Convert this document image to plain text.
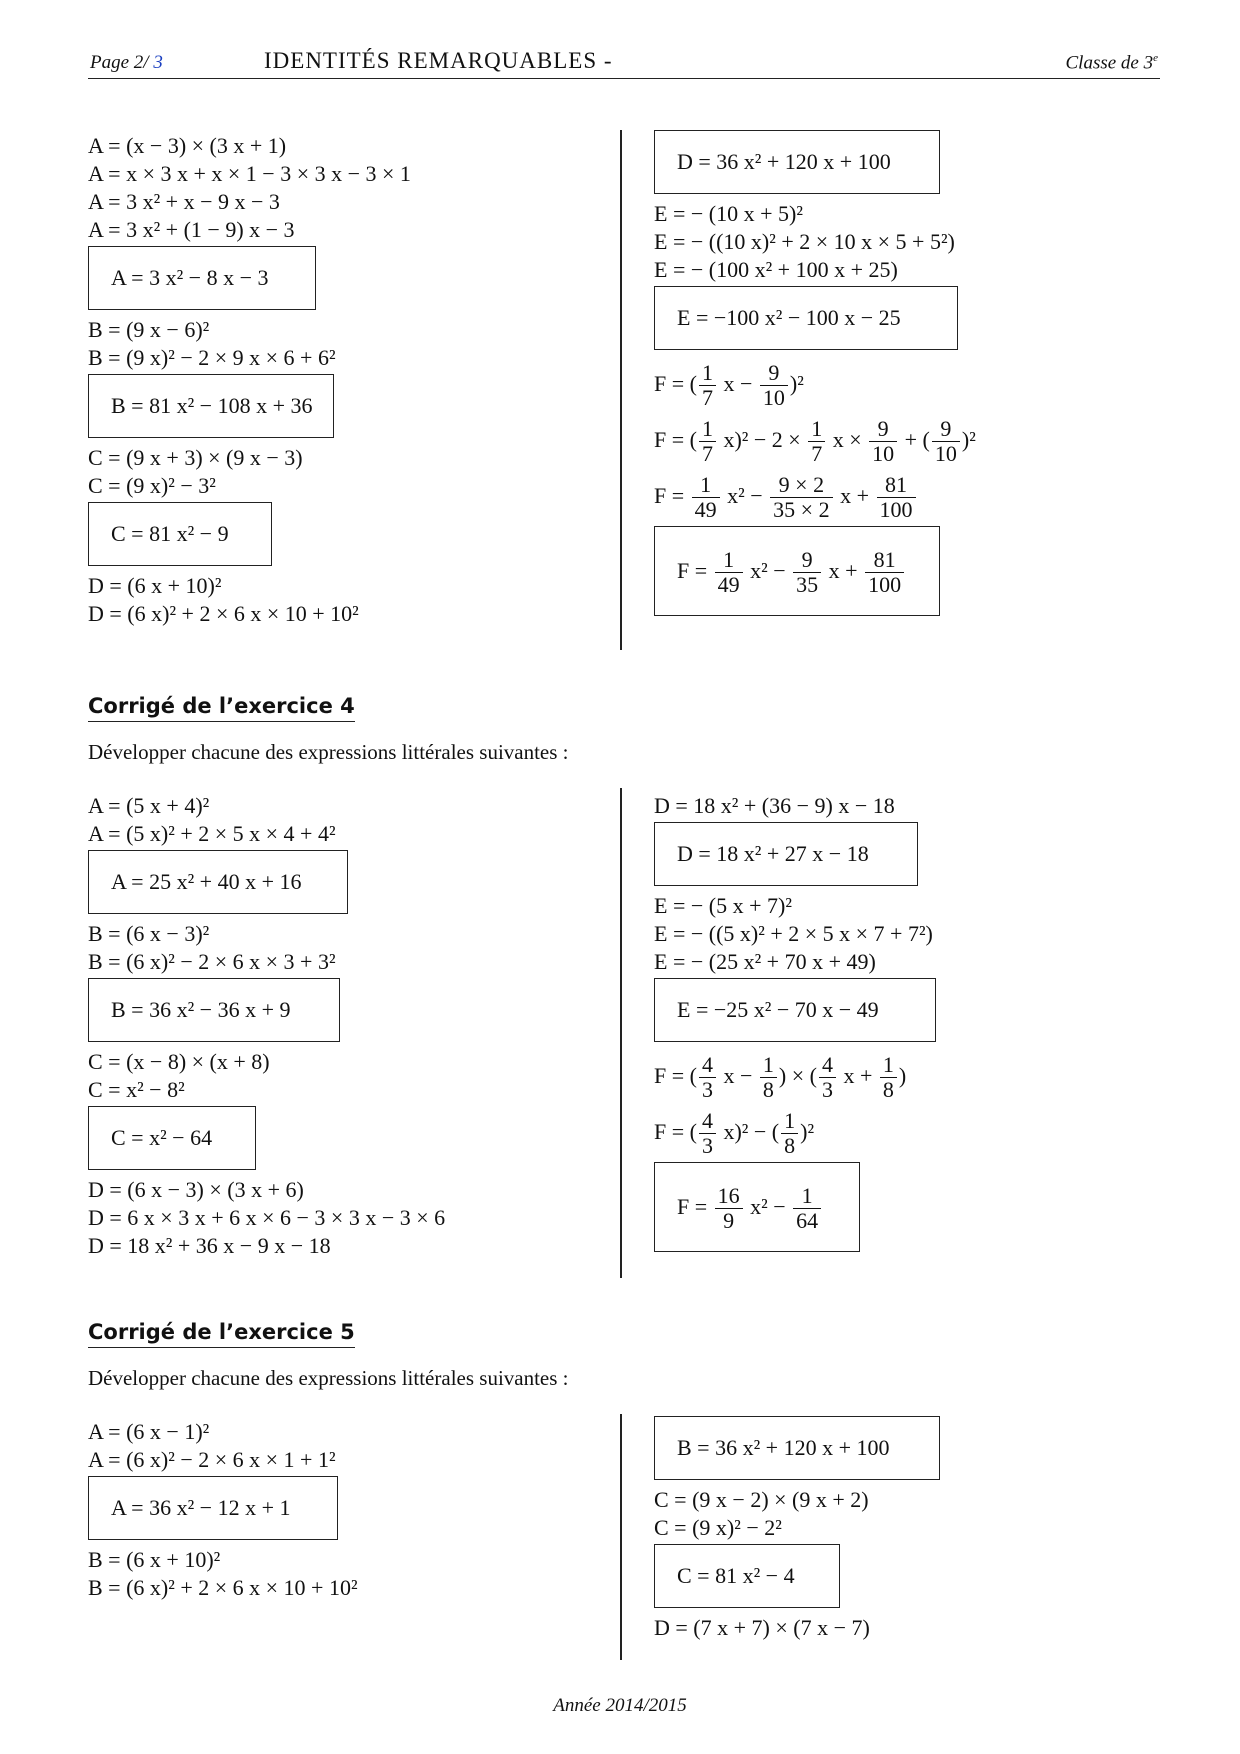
Page 2/ 3	IDENTITÉS REMARQUABLES -	Classe de 3e
A = (x − 3) × (3 x + 1)
A = x × 3 x + x × 1 − 3 × 3 x − 3 × 1
A = 3 x² + x − 9 x − 3
A = 3 x² + (1 − 9) x − 3
A = 3 x² − 8 x − 3
B = (9 x − 6)²
B = (9 x)² − 2 × 9 x × 6 + 6²
B = 81 x² − 108 x + 36
C = (9 x + 3) × (9 x − 3)
C = (9 x)² − 3²
C = 81 x² − 9
D = (6 x + 10)²
D = (6 x)² + 2 × 6 x × 10 + 10²
D = 36 x² + 120 x + 100
E = − (10 x + 5)²
E = − ((10 x)² + 2 × 10 x × 5 + 5²)
E = − (100 x² + 100 x + 25)
E = −100 x² − 100 x − 25
F = ( $\frac{1}{7}$ $x - \frac{9}{10} )^2$
F = ( $\frac{1}{7} x)^2 - 2 \times \frac{1}{7}$ $x \times \frac{9}{10}$ + ( $\frac{9}{10} )^2$
$F = \frac{1}{49} x^2 - \frac{9 \times 2}{35 \times 2}$ $x + \frac{81}{100}$
$F = \frac{1}{49} x^2 - \frac{9}{35}$ $x + \frac{81}{100}$
Corrigé de l’exercice 4
Développer chacune des expressions littérales suivantes :
A = (5 x + 4)²
A = (5 x)² + 2 × 5 x × 4 + 4²
A = 25 x² + 40 x + 16
B = (6 x − 3)²
B = (6 x)² − 2 × 6 x × 3 + 3²
B = 36 x² − 36 x + 9
C = (x − 8) × (x + 8)
C = x² − 8²
C = x² − 64
D = (6 x − 3) × (3 x + 6)
D = 6 x × 3 x + 6 x × 6 − 3 × 3 x − 3 × 6
D = 18 x² + 36 x − 9 x − 18
D = 18 x² + (36 − 9) x − 18
D = 18 x² + 27 x − 18
E = − (5 x + 7)²
E = − ((5 x)² + 2 × 5 x × 7 + 7²)
E = − (25 x² + 70 x + 49)
E = −25 x² − 70 x − 49
F = ( $\frac{4}{3}$ $x - \frac{1}{8}$ ) × ( $\frac{4}{3}$ $x + \frac{1}{8}$ )
F = ( $\frac{4}{3} x)^2$ − ( $\frac{1}{8} )^2$
$F = \frac{16}{9} x^2 - \frac{1}{64}$
Corrigé de l’exercice 5
Développer chacune des expressions littérales suivantes :
A = (6 x − 1)²
A = (6 x)² − 2 × 6 x × 1 + 1²
A = 36 x² − 12 x + 1
B = (6 x + 10)²
B = (6 x)² + 2 × 6 x × 10 + 10²
B = 36 x² + 120 x + 100
C = (9 x − 2) × (9 x + 2)
C = (9 x)² − 2²
C = 81 x² − 4
D = (7 x + 7) × (7 x − 7)
Année 2014/2015
